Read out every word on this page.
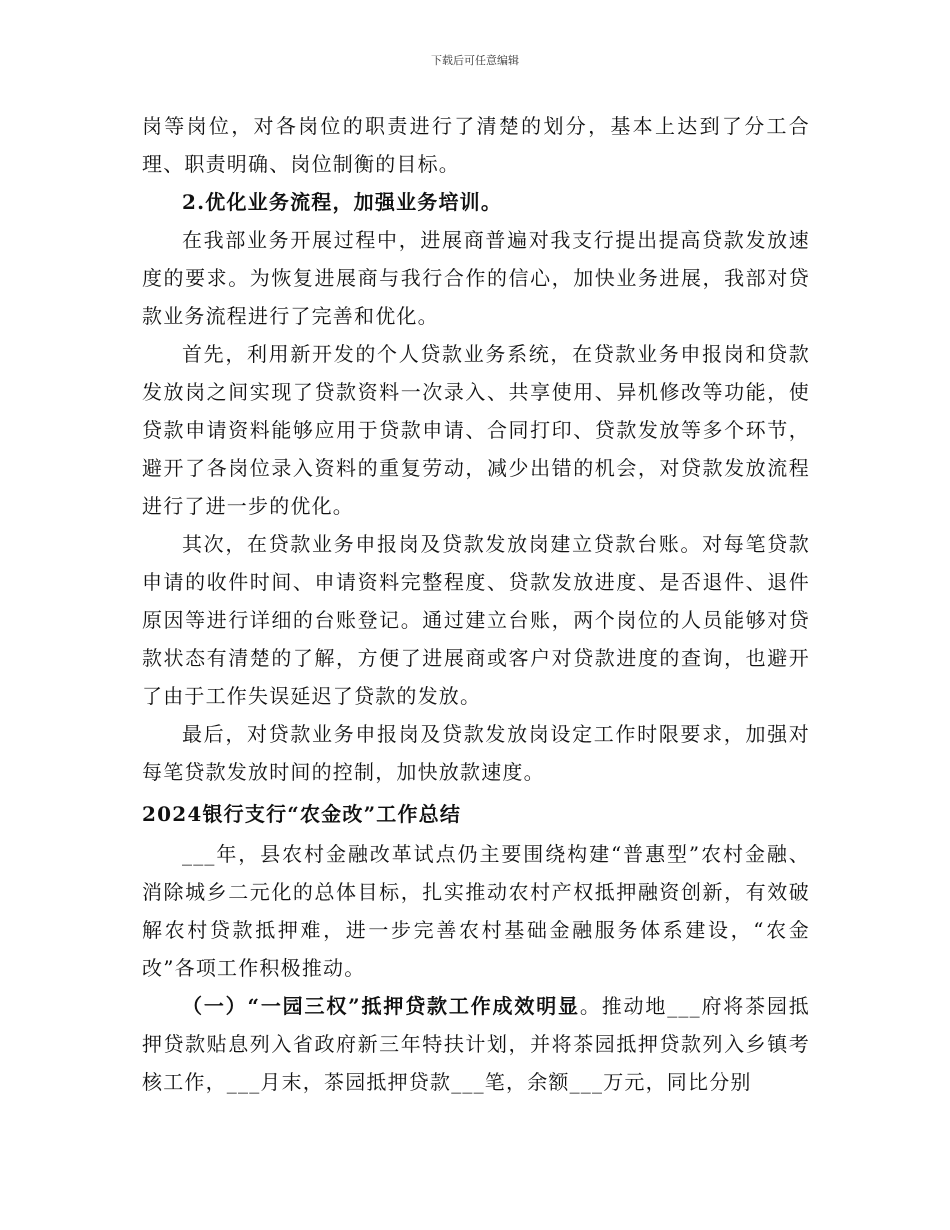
下载后可任意编辑

岗等岗位，对各岗位的职责进行了清楚的划分，基本上达到了分工合理、职责明确、岗位制衡的目标。

2.优化业务流程，加强业务培训。

在我部业务开展过程中，进展商普遍对我支行提出提高贷款发放速度的要求。为恢复进展商与我行合作的信心，加快业务进展，我部对贷款业务流程进行了完善和优化。

首先，利用新开发的个人贷款业务系统，在贷款业务申报岗和贷款发放岗之间实现了贷款资料一次录入、共享使用、异机修改等功能，使贷款申请资料能够应用于贷款申请、合同打印、贷款发放等多个环节，避开了各岗位录入资料的重复劳动，减少出错的机会，对贷款发放流程进行了进一步的优化。

其次，在贷款业务申报岗及贷款发放岗建立贷款台账。对每笔贷款申请的收件时间、申请资料完整程度、贷款发放进度、是否退件、退件原因等进行详细的台账登记。通过建立台账，两个岗位的人员能够对贷款状态有清楚的了解，方便了进展商或客户对贷款进度的查询，也避开了由于工作失误延迟了贷款的发放。

最后，对贷款业务申报岗及贷款发放岗设定工作时限要求，加强对每笔贷款发放时间的控制，加快放款速度。

2024银行支行“农金改”工作总结

___年，县农村金融改革试点仍主要围绕构建“普惠型”农村金融、消除城乡二元化的总体目标，扎实推动农村产权抵押融资创新，有效破解农村贷款抵押难，进一步完善农村基础金融服务体系建设，“农金改”各项工作积极推动。

（一）“一园三权”抵押贷款工作成效明显。推动地___府将茶园抵押贷款贴息列入省政府新三年特扶计划，并将茶园抵押贷款列入乡镇考核工作，___月末，茶园抵押贷款___笔，余额___万元，同比分别
